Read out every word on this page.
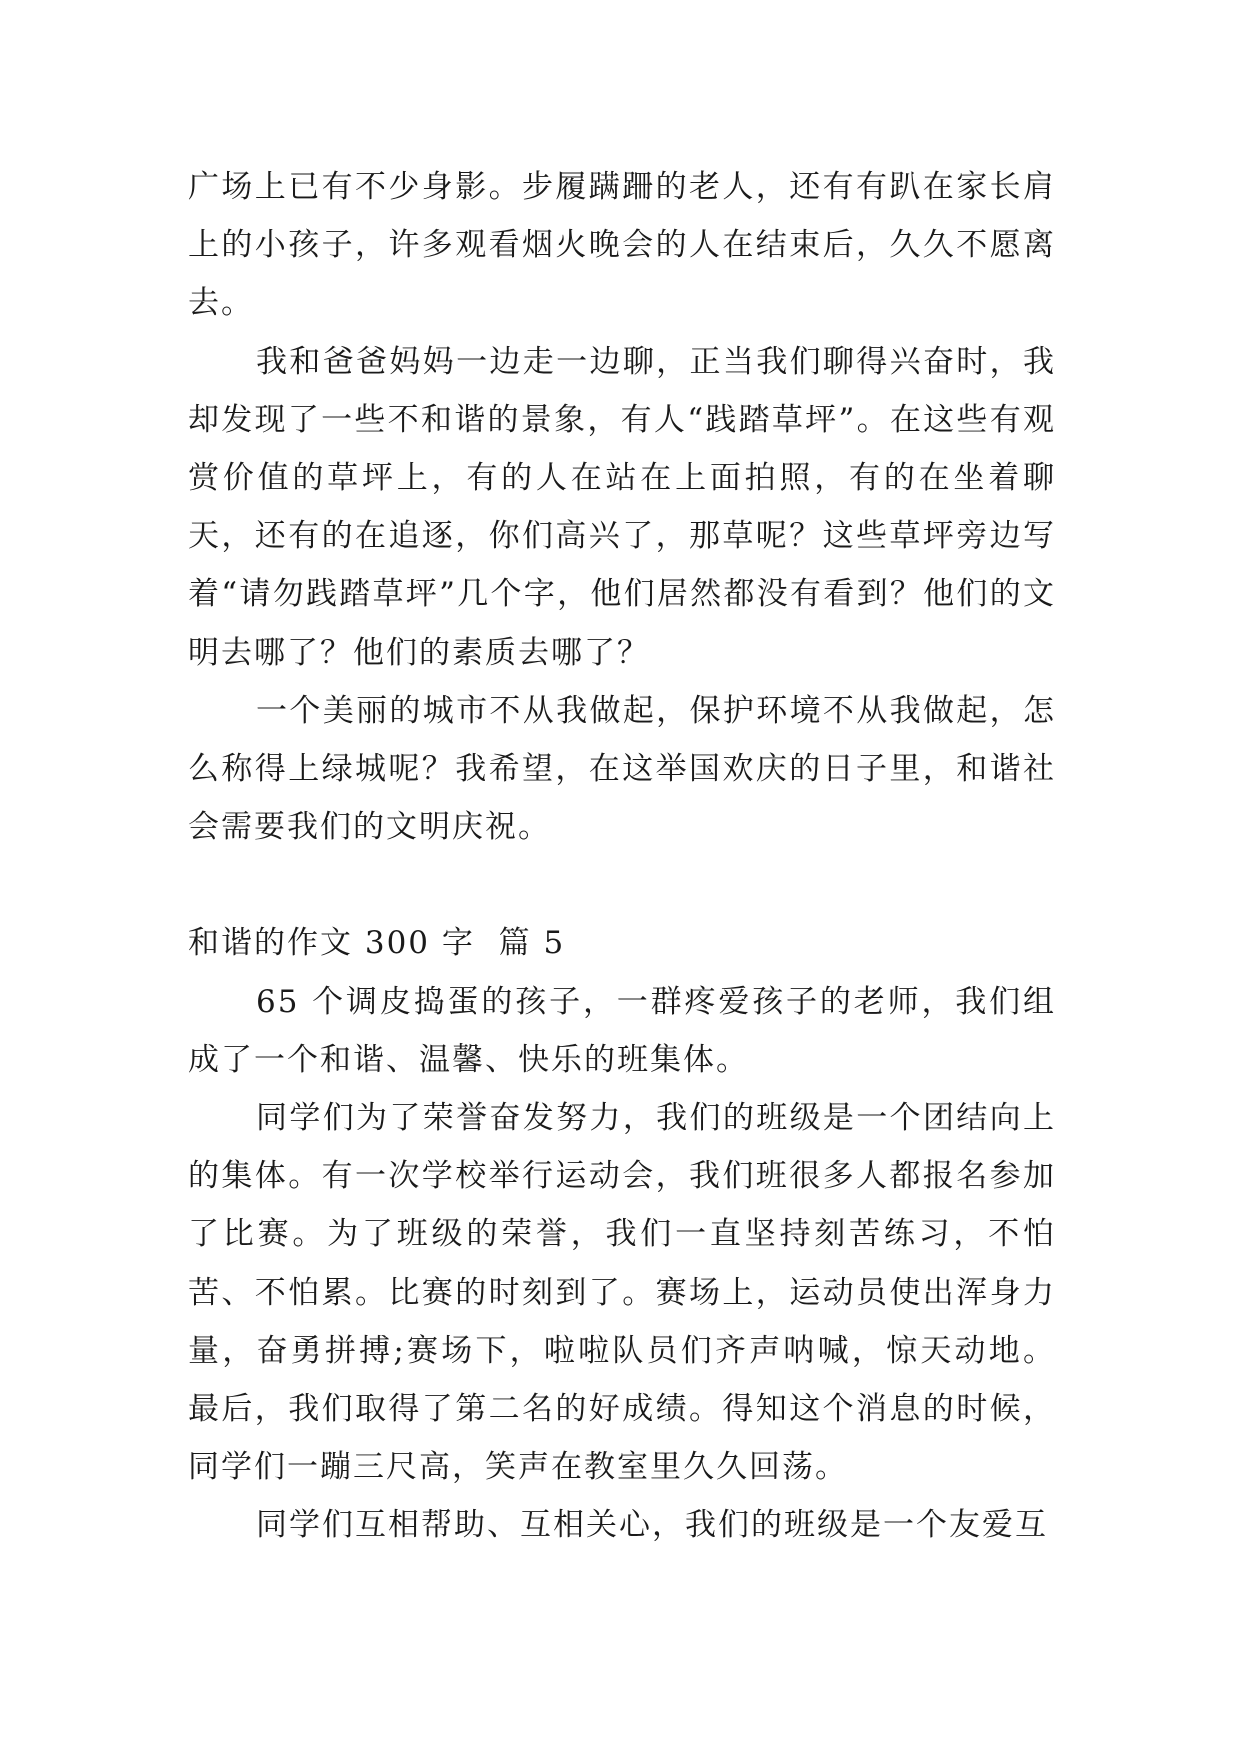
广场上已有不少身影。步履蹒跚的老人，还有有趴在家长肩上的小孩子，许多观看烟火晚会的人在结束后，久久不愿离去。

我和爸爸妈妈一边走一边聊，正当我们聊得兴奋时，我却发现了一些不和谐的景象，有人“践踏草坪”。在这些有观赏价值的草坪上，有的人在站在上面拍照，有的在坐着聊天，还有的在追逐，你们高兴了，那草呢？这些草坪旁边写着“请勿践踏草坪”几个字，他们居然都没有看到？他们的文明去哪了？他们的素质去哪了？

一个美丽的城市不从我做起，保护环境不从我做起，怎么称得上绿城呢？我希望，在这举国欢庆的日子里，和谐社会需要我们的文明庆祝。

和谐的作文 300 字  篇 5

65 个调皮捣蛋的孩子，一群疼爱孩子的老师，我们组成了一个和谐、温馨、快乐的班集体。

同学们为了荣誉奋发努力，我们的班级是一个团结向上的集体。有一次学校举行运动会，我们班很多人都报名参加了比赛。为了班级的荣誉，我们一直坚持刻苦练习，不怕苦、不怕累。比赛的时刻到了。赛场上，运动员使出浑身力量，奋勇拼搏;赛场下，啦啦队员们齐声呐喊，惊天动地。最后，我们取得了第二名的好成绩。得知这个消息的时候，同学们一蹦三尺高，笑声在教室里久久回荡。

同学们互相帮助、互相关心，我们的班级是一个友爱互
